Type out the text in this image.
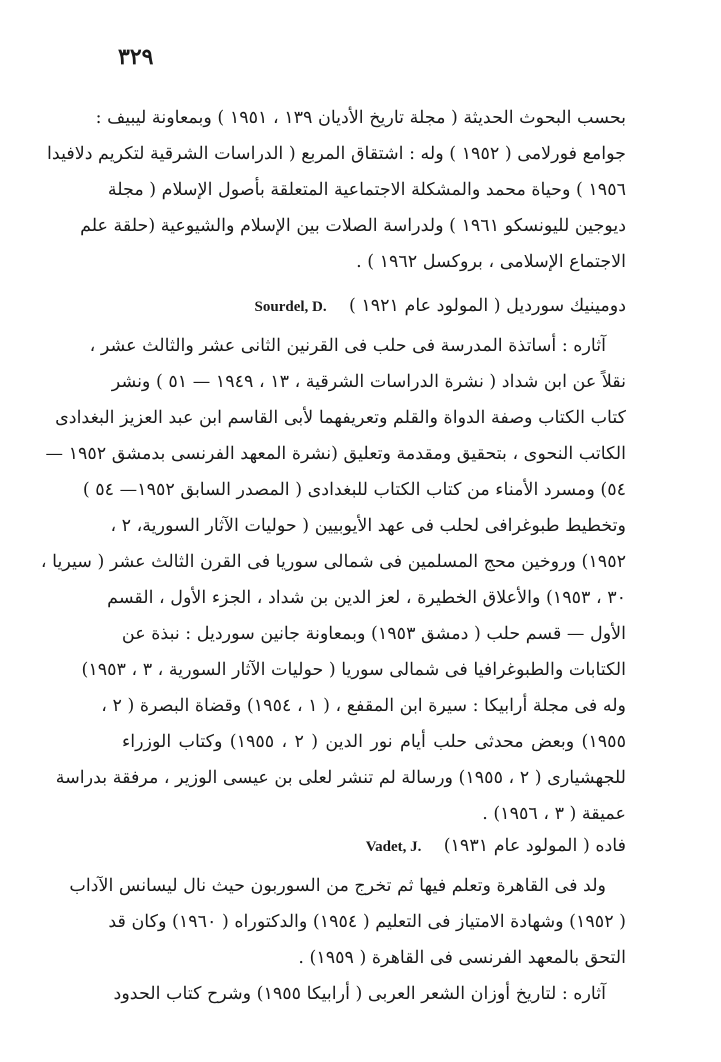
٣٢٩
بحسب البحوث الحديثة ( مجلة تاريخ الأديان ١٣٩ ، ١٩٥١ ) وبمعاونة ليبيف :
جوامع فورلامى ( ١٩٥٢ ) وله : اشتقاق المربع ( الدراسات الشرقية لتكريم دلافيدا
١٩٥٦ ) وحياة محمد والمشكلة الاجتماعية المتعلقة بأصول الإسلام ( مجلة
ديوجين لليونسكو ١٩٦١ ) ولدراسة الصلات بين الإسلام والشيوعية (حلقة علم
الاجتماع الإسلامى ، بروكسل ١٩٦٢ ) .
دومينيك سورديل ( المولود عام ١٩٢١ )    Sourdel, D.
آثاره : أساتذة المدرسة فى حلب فى القرنين الثانى عشر والثالث عشر ،
نقلاً عن ابن شداد ( نشرة الدراسات الشرقية ، ١٣ ، ١٩٤٩ — ٥١ ) ونشر
كتاب الكتاب وصفة الدواة والقلم وتعريفهما لأبى القاسم ابن عبد العزيز البغدادى
الكاتب النحوى ، بتحقيق ومقدمة وتعليق (نشرة المعهد الفرنسى بدمشق ١٩٥٢ —
٥٤) ومسرد الأمناء من كتاب الكتاب للبغدادى ( المصدر السابق ١٩٥٢— ٥٤ )
وتخطيط طبوغرافى لحلب فى عهد الأيوبيين ( حوليات الآثار السورية، ٢ ،
١٩٥٢) وروخين محج المسلمين فى شمالى سوريا فى القرن الثالث عشر ( سيريا ،
٣٠ ، ١٩٥٣) والأعلاق الخطيرة ، لعز الدين بن شداد ، الجزء الأول ، القسم
الأول — قسم حلب ( دمشق ١٩٥٣) وبمعاونة جانين سورديل : نبذة عن
الكتابات والطبوغرافيا فى شمالى سوريا ( حوليات الآثار السورية ، ٣ ، ١٩٥٣)
وله فى مجلة أرابيكا : سيرة ابن المقفع ، ( ١ ، ١٩٥٤) وقضاة البصرة ( ٢ ،
١٩٥٥) وبعض محدثى حلب أيام نور الدين ( ٢ ، ١٩٥٥) وكتاب الوزراء
للجهشيارى ( ٢ ، ١٩٥٥) ورسالة لم تنشر لعلى بن عيسى الوزير ، مرفقة بدراسة
عميقة ( ٣ ، ١٩٥٦) .
فاده ( المولود عام ١٩٣١)    Vadet, J.
ولد فى القاهرة وتعلم فيها ثم تخرج من السوربون حيث نال ليسانس الآداب
( ١٩٥٢) وشهادة الامتياز فى التعليم ( ١٩٥٤) والدكتوراه ( ١٩٦٠) وكان قد
التحق بالمعهد الفرنسى فى القاهرة ( ١٩٥٩) .
آثاره : لتاريخ أوزان الشعر العربى ( أرابيكا ١٩٥٥) وشرح كتاب الحدود
